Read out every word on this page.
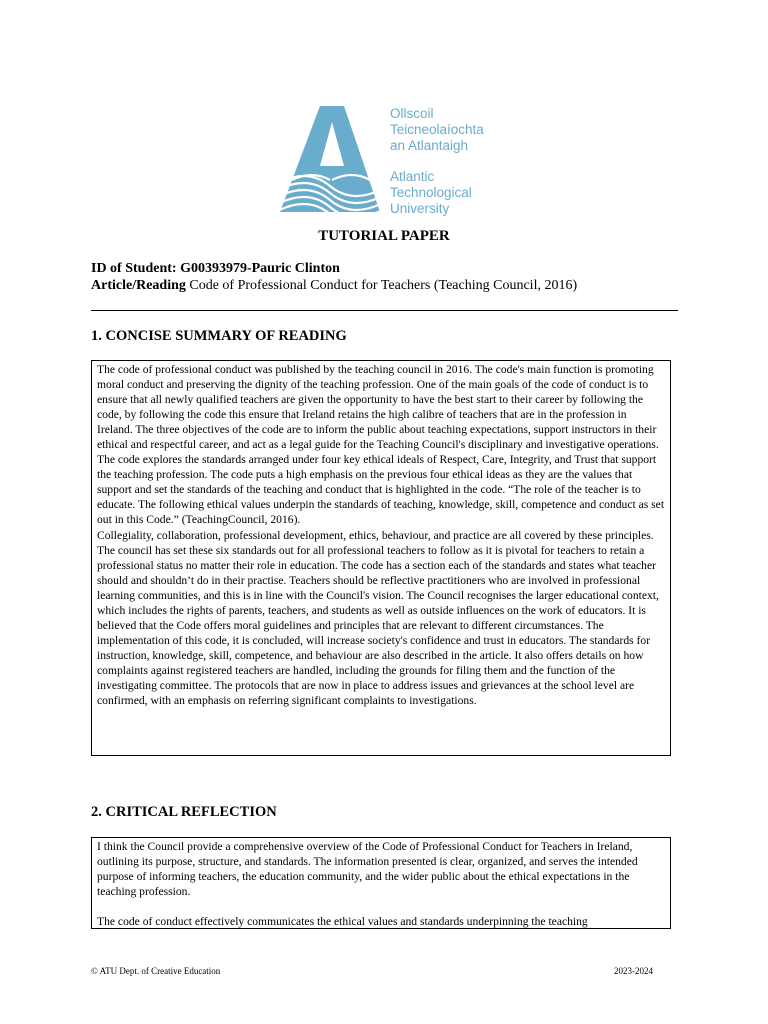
Ollscoil
Teicneolaíochta
an Atlantaigh
Atlantic
Technological
University
TUTORIAL PAPER
ID of Student: G00393979-Pauric Clinton
Article/Reading Code of Professional Conduct for Teachers (Teaching Council, 2016)
1. CONCISE SUMMARY OF READING

The code of professional conduct was published by the teaching council in 2016. The code's main function is promoting moral conduct and preserving the dignity of the teaching profession. One of the main goals of the code of conduct is to ensure that all newly qualified teachers are given the opportunity to have the best start to their career by following the code, by following the code this ensure that Ireland retains the high calibre of teachers that are in the profession in Ireland. The three objectives of the code are to inform the public about teaching expectations, support instructors in their ethical and respectful career, and act as a legal guide for the Teaching Council's disciplinary and investigative operations. The code explores the standards arranged under four key ethical ideals of Respect, Care, Integrity, and Trust that support the teaching profession. The code puts a high emphasis on the previous four ethical ideas as they are the values that support and set the standards of the teaching and conduct that is highlighted in the code. “The role of the teacher is to educate. The following ethical values underpin the standards of teaching, knowledge, skill, competence and conduct as set out in this Code.” (TeachingCouncil, 2016).

Collegiality, collaboration, professional development, ethics, behaviour, and practice are all covered by these principles. The council has set these six standards out for all professional teachers to follow as it is pivotal for teachers to retain a professional status no matter their role in education. The code has a section each of the standards and states what teacher should and shouldn’t do in their practise. Teachers should be reflective practitioners who are involved in professional learning communities, and this is in line with the Council's vision. The Council recognises the larger educational context, which includes the rights of parents, teachers, and students as well as outside influences on the work of educators. It is believed that the Code offers moral guidelines and principles that are relevant to different circumstances. The implementation of this code, it is concluded, will increase society's confidence and trust in educators. The standards for instruction, knowledge, skill, competence, and behaviour are also described in the article. It also offers details on how complaints against registered teachers are handled, including the grounds for filing them and the function of the investigating committee. The protocols that are now in place to address issues and grievances at the school level are confirmed, with an emphasis on referring significant complaints to investigations.

2. CRITICAL REFLECTION

I think the Council provide a comprehensive overview of the Code of Professional Conduct for Teachers in Ireland, outlining its purpose, structure, and standards. The information presented is clear, organized, and serves the intended purpose of informing teachers, the education community, and the wider public about the ethical expectations in the teaching profession.

The code of conduct effectively communicates the ethical values and standards underpinning the teaching

© ATU Dept. of Creative Education	2023-2024
